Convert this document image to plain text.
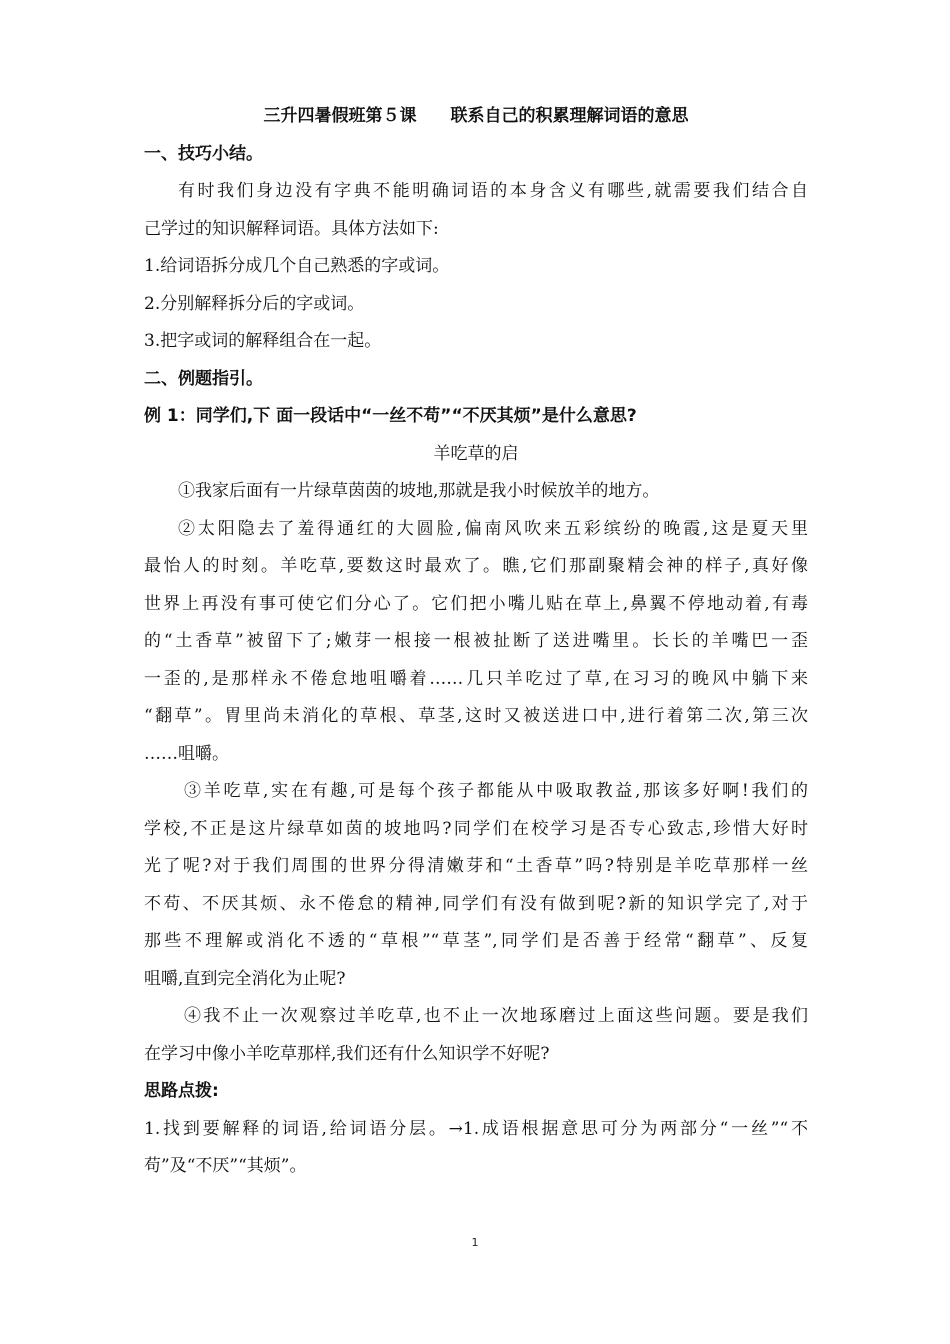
三升四暑假班第５课 联系自己的积累理解词语的意思
一、技巧小结。
有时我们身边没有字典不能明确词语的本身含义有哪些,就需要我们结合自
己学过的知识解释词语。具体方法如下:
1.给词语拆分成几个自己熟悉的字或词。
2.分别解释拆分后的字或词。
3.把字或词的解释组合在一起。
二、例题指引。
例 1：同学们,下 面一段话中“一丝不苟”“不厌其烦”是什么意思?
羊吃草的启
①我家后面有一片绿草茵茵的坡地,那就是我小时候放羊的地方。
②太阳隐去了羞得通红的大圆脸,偏南风吹来五彩缤纷的晚霞,这是夏天里
最怡人的时刻。羊吃草,要数这时最欢了。瞧,它们那副聚精会神的样子,真好像
世界上再没有事可使它们分心了。它们把小嘴儿贴在草上,鼻翼不停地动着,有毒
的“土香草”被留下了;嫩芽一根接一根被扯断了送进嘴里。长长的羊嘴巴一歪
一歪的,是那样永不倦怠地咀嚼着……几只羊吃过了草,在习习的晚风中躺下来
“翻草”。胃里尚未消化的草根、草茎,这时又被送进口中,进行着第二次,第三次
……咀嚼。
③羊吃草,实在有趣,可是每个孩子都能从中吸取教益,那该多好啊!我们的
学校,不正是这片绿草如茵的坡地吗?同学们在校学习是否专心致志,珍惜大好时
光了呢?对于我们周围的世界分得清嫩芽和“土香草”吗?特别是羊吃草那样一丝
不苟、不厌其烦、永不倦怠的精神,同学们有没有做到呢?新的知识学完了,对于
那些不理解或消化不透的“草根”“草茎”,同学们是否善于经常“翻草”、反复
咀嚼,直到完全消化为止呢?
④我不止一次观察过羊吃草,也不止一次地琢磨过上面这些问题。要是我们
在学习中像小羊吃草那样,我们还有什么知识学不好呢?
思路点拨:
1.找到要解释的词语,给词语分层。→1.成语根据意思可分为两部分“一丝”“不
苟”及“不厌”“其烦”。
1
